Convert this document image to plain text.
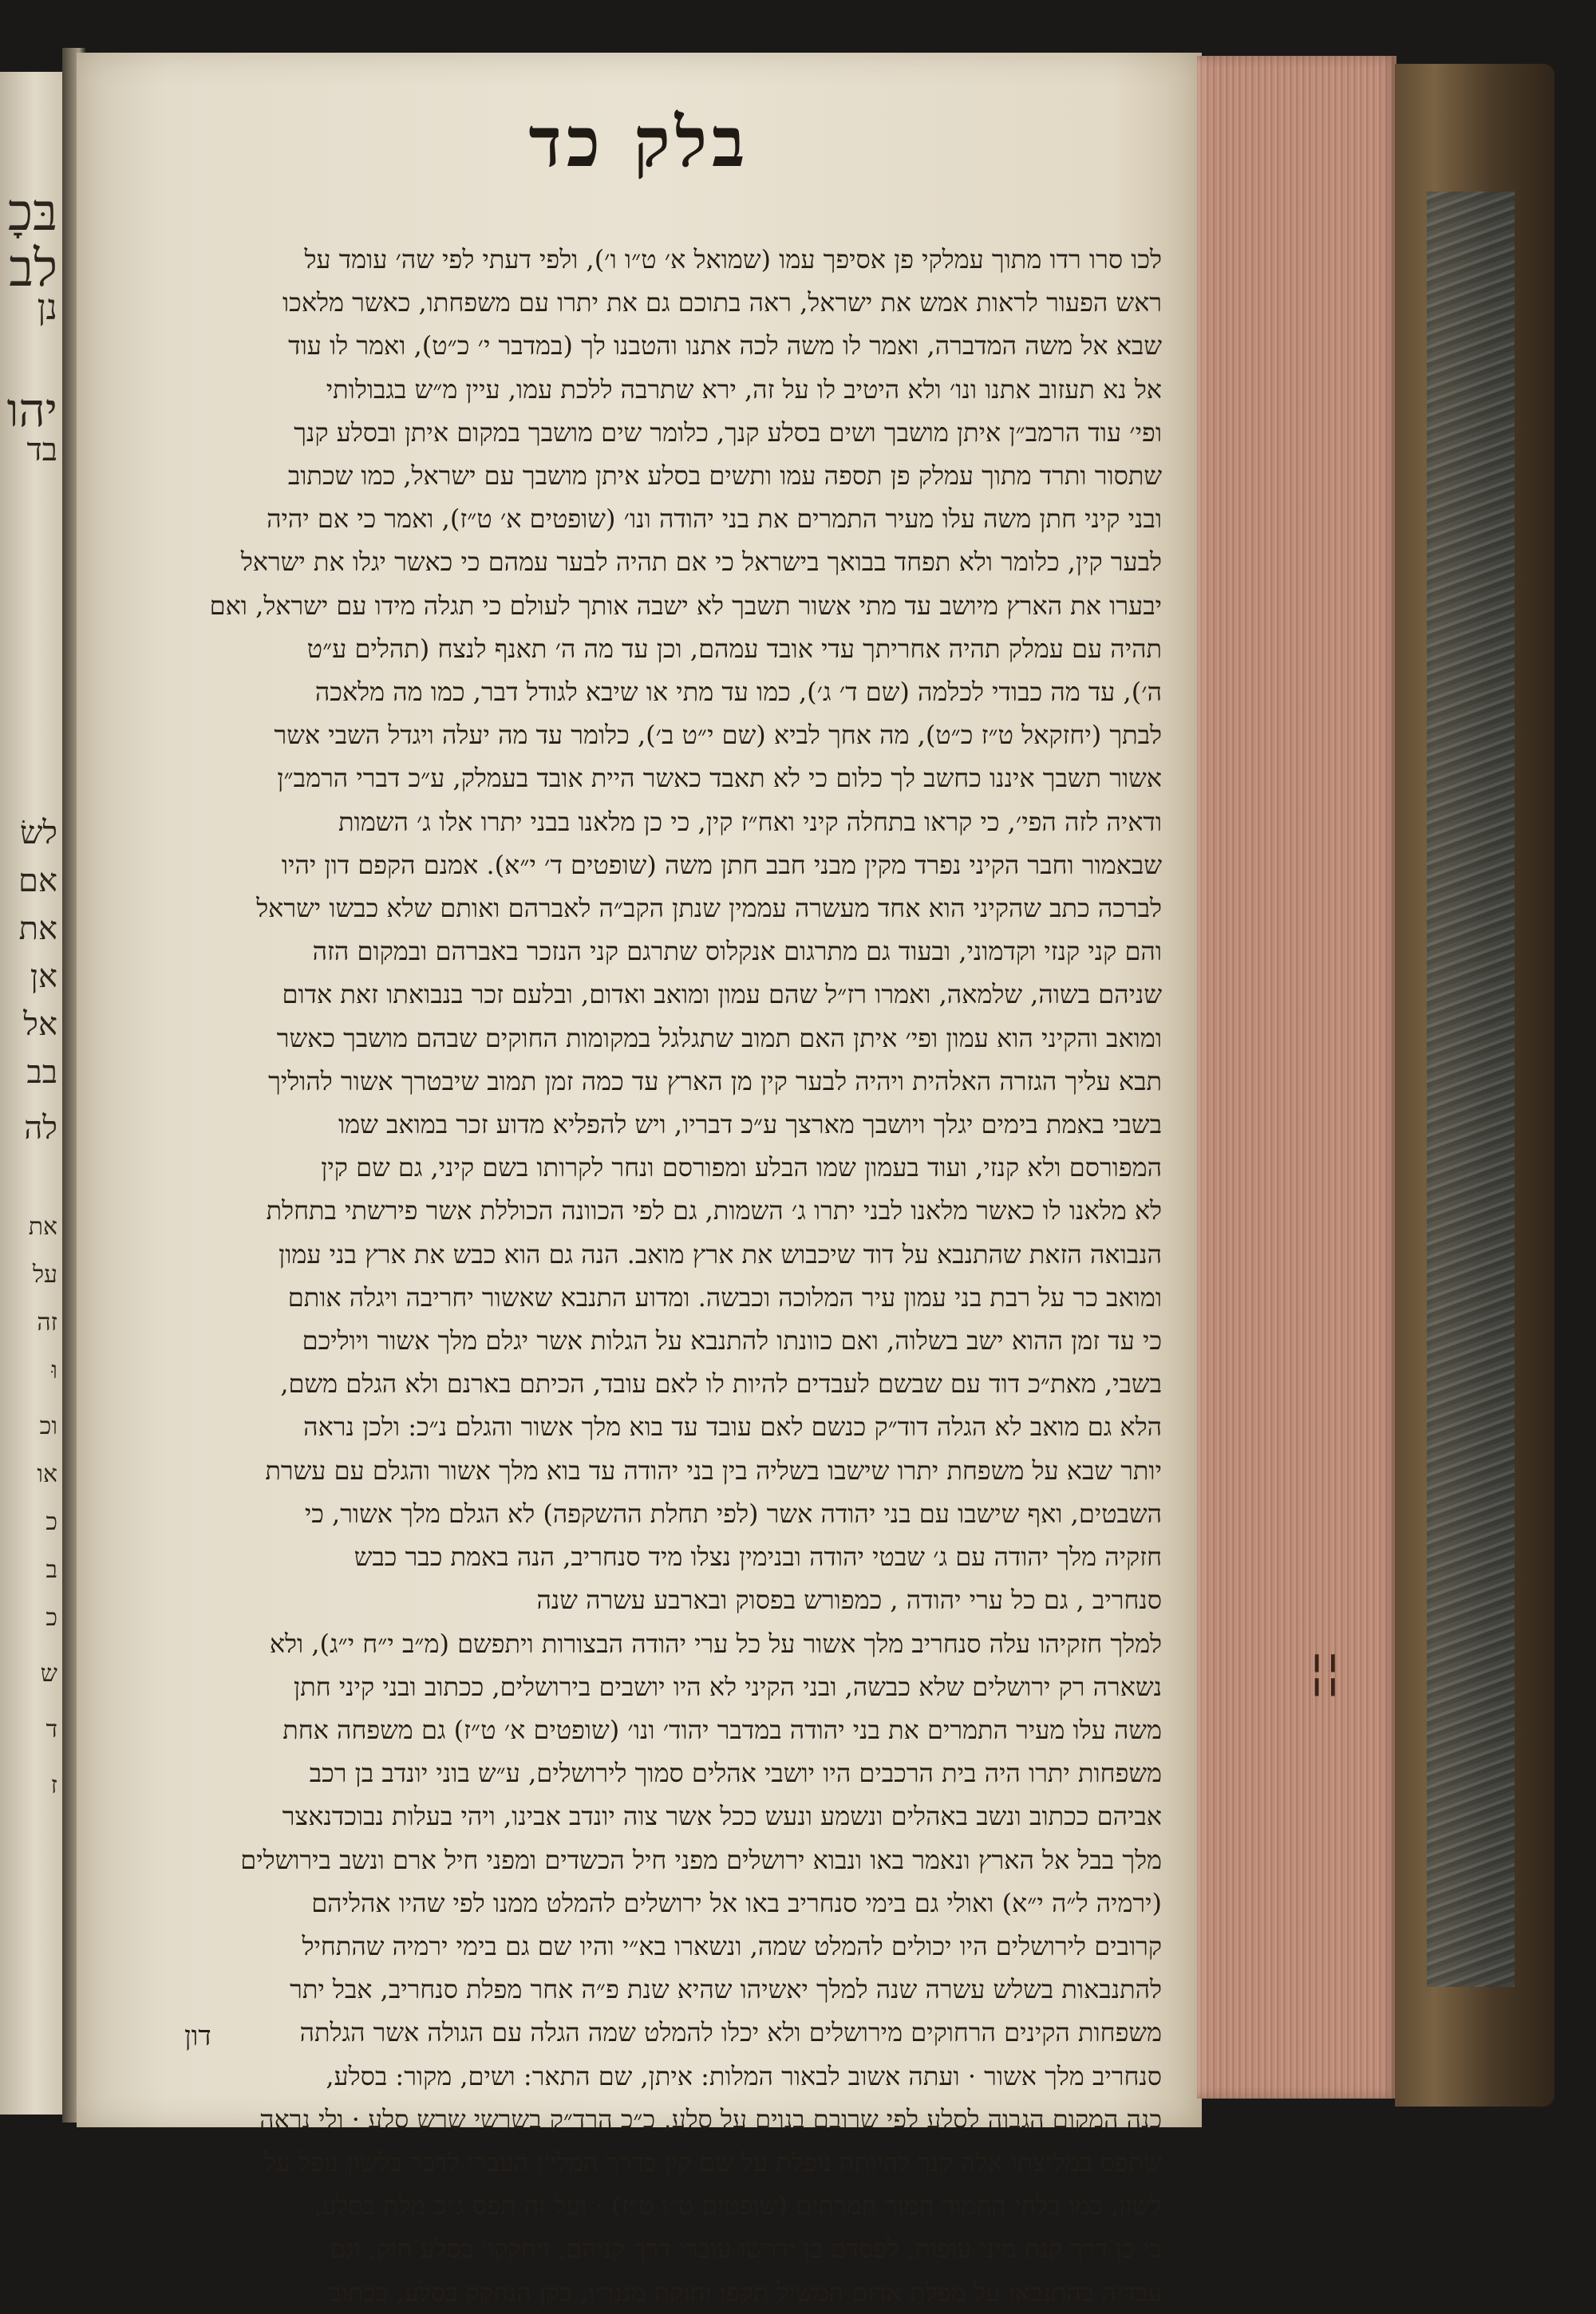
בּכָ
לב
נן
יהו
בד
לשׂ
אם
את
אן
אל
בב
לה
את
על
זה
וּ
וכ
או
כ
ב
כ
ש
ד
ז
בלק כד
לכו סרו רדו מתוך עמלקי פן אסיפך עמו (שמואל א׳ ט״ו ו׳), ולפי דעתי לפי שה׳ עומד על
ראש הפעור לראות אמש את ישראל, ראה בתוכם גם את יתרו עם משפחתו, כאשר מלאכו
שבא אל משה המדברה, ואמר לו משה לכה אתנו והטבנו לך (במדבר י׳ כ״ט), ואמר לו עוד
אל נא תעזוב אתנו ונו׳ ולא היטיב לו על זה, ירא שתרבה ללכת עמו, עיין מ״ש בגבולותי
ופי׳ עוד הרמב״ן איתן מושבך ושים בסלע קנך, כלומר שים מושבך במקום איתן ובסלע קנך
שתסור ותרד מתוך עמלק פן תספה עמו ותשים בסלע איתן מושבך עם ישראל, כמו שכתוב
ובני קיני חתן משה עלו מעיר התמרים את בני יהודה ונו׳ (שופטים א׳ ט״ז), ואמר כי אם יהיה
לבער קין, כלומר ולא תפחד בבואך בישראל כי אם תהיה לבער עמהם כי כאשר יגלו את ישראל
יבערו את הארץ מיושב עד מתי אשור תשבך לא ישבה אותך לעולם כי תגלה מידו עם ישראל, ואם
תהיה עם עמלק תהיה אחריתך עדי אובד עמהם, וכן עד מה ה׳ תאנף לנצח (תהלים ע״ט
ה׳), עד מה כבודי לכלמה (שם ד׳ ג׳), כמו עד מתי או שיבא לגודל דבר, כמו מה מלאכה
לבתך (יחזקאל ט״ז כ״ט), מה אחך לביא (שם י״ט ב׳), כלומר עד מה יעלה ויגדל השבי אשר
אשור תשבך איננו כחשב לך כלום כי לא תאבד כאשר היית אובד בעמלק, ע״כ דברי הרמב״ן
ודאיה לזה הפי׳, כי קראו בתחלה קיני ואח״ז קין, כי כן מלאנו בבני יתרו אלו ג׳ השמות
שבאמור וחבר הקיני נפרד מקין מבני חבב חתן משה (שופטים ד׳ י״א). אמנם הקפם דון יהיו
לברכה כתב שהקיני הוא אחד מעשרה עממין שנתן הקב״ה לאברהם ואותם שלא כבשו ישראל
והם קני קנזי וקדמוני, ובעוד גם מתרגום אנקלוס שתרגם קני הנזכר באברהם ובמקום הזה
שניהם בשוה, שלמאה, ואמרו רז״ל שהם עמון ומואב ואדום, ובלעם זכר בנבואתו זאת אדום
ומואב והקיני הוא עמון ופי׳ איתן האם תמוב שתגלגל במקומות החוקים שבהם מושבך כאשר
תבא עליך הגזרה האלהית ויהיה לבער קין מן הארץ עד כמה זמן תמוב שיבטרך אשור להוליך
בשבי באמת בימים יגלך ויושבך מארצך ע״כ דבריו, ויש להפליא מדוע זכר במואב שמו
המפורסם ולא קנזי, ועוד בעמון שמו הבלע ומפורסם ונחר לקרותו בשם קיני, גם שם קין
לא מלאנו לו כאשר מלאנו לבני יתרו ג׳ השמות, גם לפי הכוונה הכוללת אשר פירשתי בתחלת
הנבואה הזאת שהתנבא על דוד שיכבוש את ארץ מואב. הנה גם הוא כבש את ארץ בני עמון
ומואב כר על רבת בני עמון עיר המלוכה וכבשה. ומדוע התנבא שאשור יחריבה ויגלה אותם
כי עד זמן ההוא ישב בשלוה, ואם כוונתו להתנבא על הגלות אשר יגלם מלך אשור ויוליכם
בשבי, מאת״כ דוד עם שבשם לעבדים להיות לו לאם עובד, הכיתם בארנם ולא הגלם משם,
הלא גם מואב לא הגלה דוד״ק כנשם לאם עובד עד בוא מלך אשור והגלם נ״כ: ולכן נראה
יותר שבא על משפחת יתרו שישבו בשליה בין בני יהודה עד בוא מלך אשור והגלם עם עשרת
השבטים, ואף שישבו עם בני יהודה אשר (לפי תחלת ההשקפה) לא הגלם מלך אשור, כי
חזקיה מלך יהודה עם ג׳ שבטי יהודה ובנימין נצלו מיד סנחריב, הנה באמת כבר כבש
סנחריב , גם כל ערי יהודה , כמפורש בפסוק ובארבע עשרה שנה
למלך חזקיהו עלה סנחריב מלך אשור על כל ערי יהודה הבצורות ויתפשם (מ״ב י״ח י״ג), ולא
נשארה רק ירושלים שלא כבשה, ובני הקיני לא היו יושבים בירושלים, ככתוב ובני קיני חתן
משה עלו מעיר התמרים את בני יהודה במדבר יהוד׳ ונו׳ (שופטים א׳ ט״ז) גם משפחה אחת
משפחות יתרו היה בית הרכבים היו יושבי אהלים סמוך לירושלים, ע״ש בוני יונדב בן רכב
אביהם ככתוב ונשב באהלים ונשמע ונעש ככל אשר צוה יונדב אבינו, ויהי בעלות נבוכדנאצר
מלך בבל אל הארץ ונאמר באו ונבוא ירושלים מפני חיל הכשדים ומפני חיל ארם ונשב בירושלים
(ירמיה ל״ה י״א) ואולי גם בימי סנחריב באו אל ירושלים להמלט ממנו לפי שהיו אהליהם
קרובים לירושלים היו יכולים להמלט שמה, ונשארו בא״י והיו שם גם בימי ירמיה שהתחיל
להתנבאות בשלש עשרה שנה למלך יאשיהו שהיא שנת פ״ה אחר מפלת סנחריב, אבל יתר
משפחות הקינים הרחוקים מירושלים ולא יכלו להמלט שמה הגלה עם הגולה אשר הגלתה
סנחריב מלך אשור · ועתה אשוב לבאור המלות: איתן, שם התאר: ושים, מקור: בסלע,
כנה המקום הגבוה לסלע לפי שרובם בנוים על סלע, כ״כ הרד״ק בשרשי שרש סלע · ולי נראה
שתפס במליצתו אלה קנך להיותה נופלת על שם קין כדרך המליץ העברי לדבר בלשון נופל על
לשון, כמו בלחי החמור חמור חמרתים (שופטים ט״ו ט״ז) · ועל זה תפס ג״כ מלת בסלע,
כי כן דרך קנת מיני עופות, לפסדם בן ידרשו עוברי דרך קניהם, ויחקקו׳ בסלע חוק, וגם
עבדיה בהתנבאו על מפלת אדום המשיל תקפו וחוקת מגנריו, כקן הנחקק בסלע, ככתוב
דון
¦¦
